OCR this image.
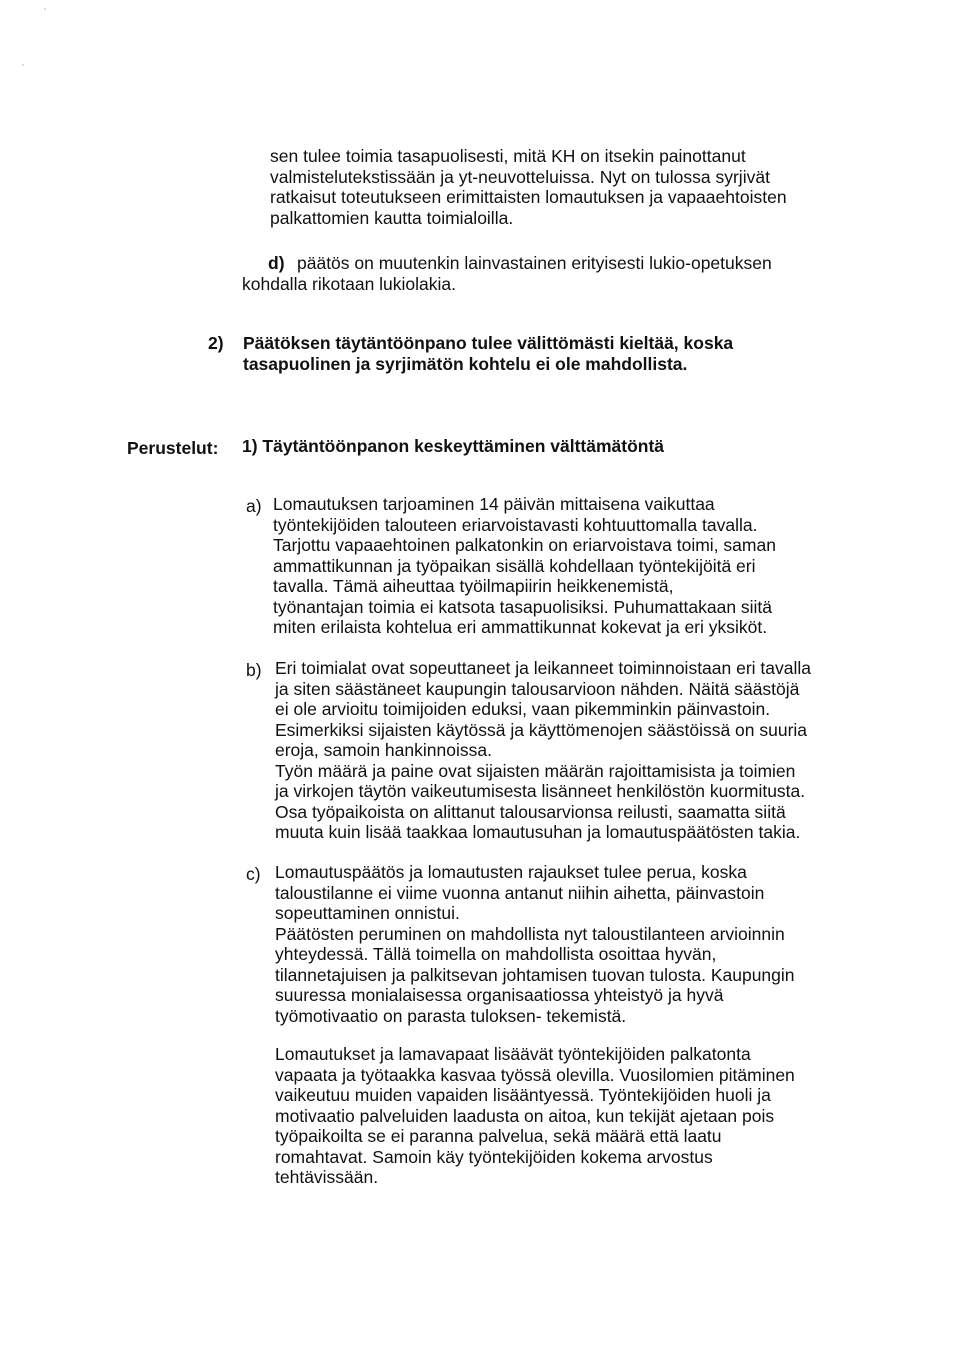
sen tulee toimia tasapuolisesti, mitä KH on itsekin painottanut
valmistelutekstissään ja yt-neuvotteluissa. Nyt on tulossa syrjivät
ratkaisut toteutukseen erimittaisten lomautuksen ja vapaaehtoisten
palkattomien kautta toimialoilla.
d) päätös on muutenkin lainvastainen erityisesti lukio-opetuksen
kohdalla rikotaan lukiolakia.
2) Päätöksen täytäntöönpano tulee välittömästi kieltää, koska
tasapuolinen ja syrjimätön kohtelu ei ole mahdollista.
Perustelut: 1) Täytäntöönpanon keskeyttäminen välttämätöntä
a) Lomautuksen tarjoaminen 14 päivän mittaisena vaikuttaa
työntekijöiden talouteen eriarvoistavasti kohtuuttomalla tavalla.
Tarjottu vapaaehtoinen palkatonkin on eriarvoistava toimi, saman
ammattikunnan ja työpaikan sisällä kohdellaan työntekijöitä eri
tavalla. Tämä aiheuttaa työilmapiirin heikkenemistä,
työnantajan toimia ei katsota tasapuolisiksi. Puhumattakaan siitä
miten erilaista kohtelua eri ammattikunnat kokevat ja eri yksiköt.
b) Eri toimialat ovat sopeuttaneet ja leikanneet toiminnoistaan eri tavalla
ja siten säästäneet kaupungin talousarvioon nähden. Näitä säästöjä
ei ole arvioitu toimijoiden eduksi, vaan pikemminkin päinvastoin.
Esimerkiksi sijaisten käytössä ja käyttömenojen säästöissä on suuria
eroja, samoin hankinnoissa.
Työn määrä ja paine ovat sijaisten määrän rajoittamisista ja toimien
ja virkojen täytön vaikeutumisesta lisänneet henkilöstön kuormitusta.
Osa työpaikoista on alittanut talousarvionsa reilusti, saamatta siitä
muuta kuin lisää taakkaa lomautusuhan ja lomautuspäätösten takia.
c) Lomautuspäätös ja lomautusten rajaukset tulee perua, koska
taloustilanne ei viime vuonna antanut niihin aihetta, päinvastoin
sopeuttaminen onnistui.
Päätösten peruminen on mahdollista nyt taloustilanteen arvioinnin
yhteydessä. Tällä toimella on mahdollista osoittaa hyvän,
tilannetajuisen ja palkitsevan johtamisen tuovan tulosta. Kaupungin
suuressa monialaisessa organisaatiossa yhteistyö ja hyvä
työmotivaatio on parasta tuloksen- tekemistä.
Lomautukset ja lamavapaat lisäävät työntekijöiden palkatonta
vapaata ja työtaakka kasvaa työssä olevilla. Vuosilomien pitäminen
vaikeutuu muiden vapaiden lisääntyessä. Työntekijöiden huoli ja
motivaatio palveluiden laadusta on aitoa, kun tekijät ajetaan pois
työpaikoilta se ei paranna palvelua, sekä määrä että laatu
romahtavat. Samoin käy työntekijöiden kokema arvostus
tehtävissään.
